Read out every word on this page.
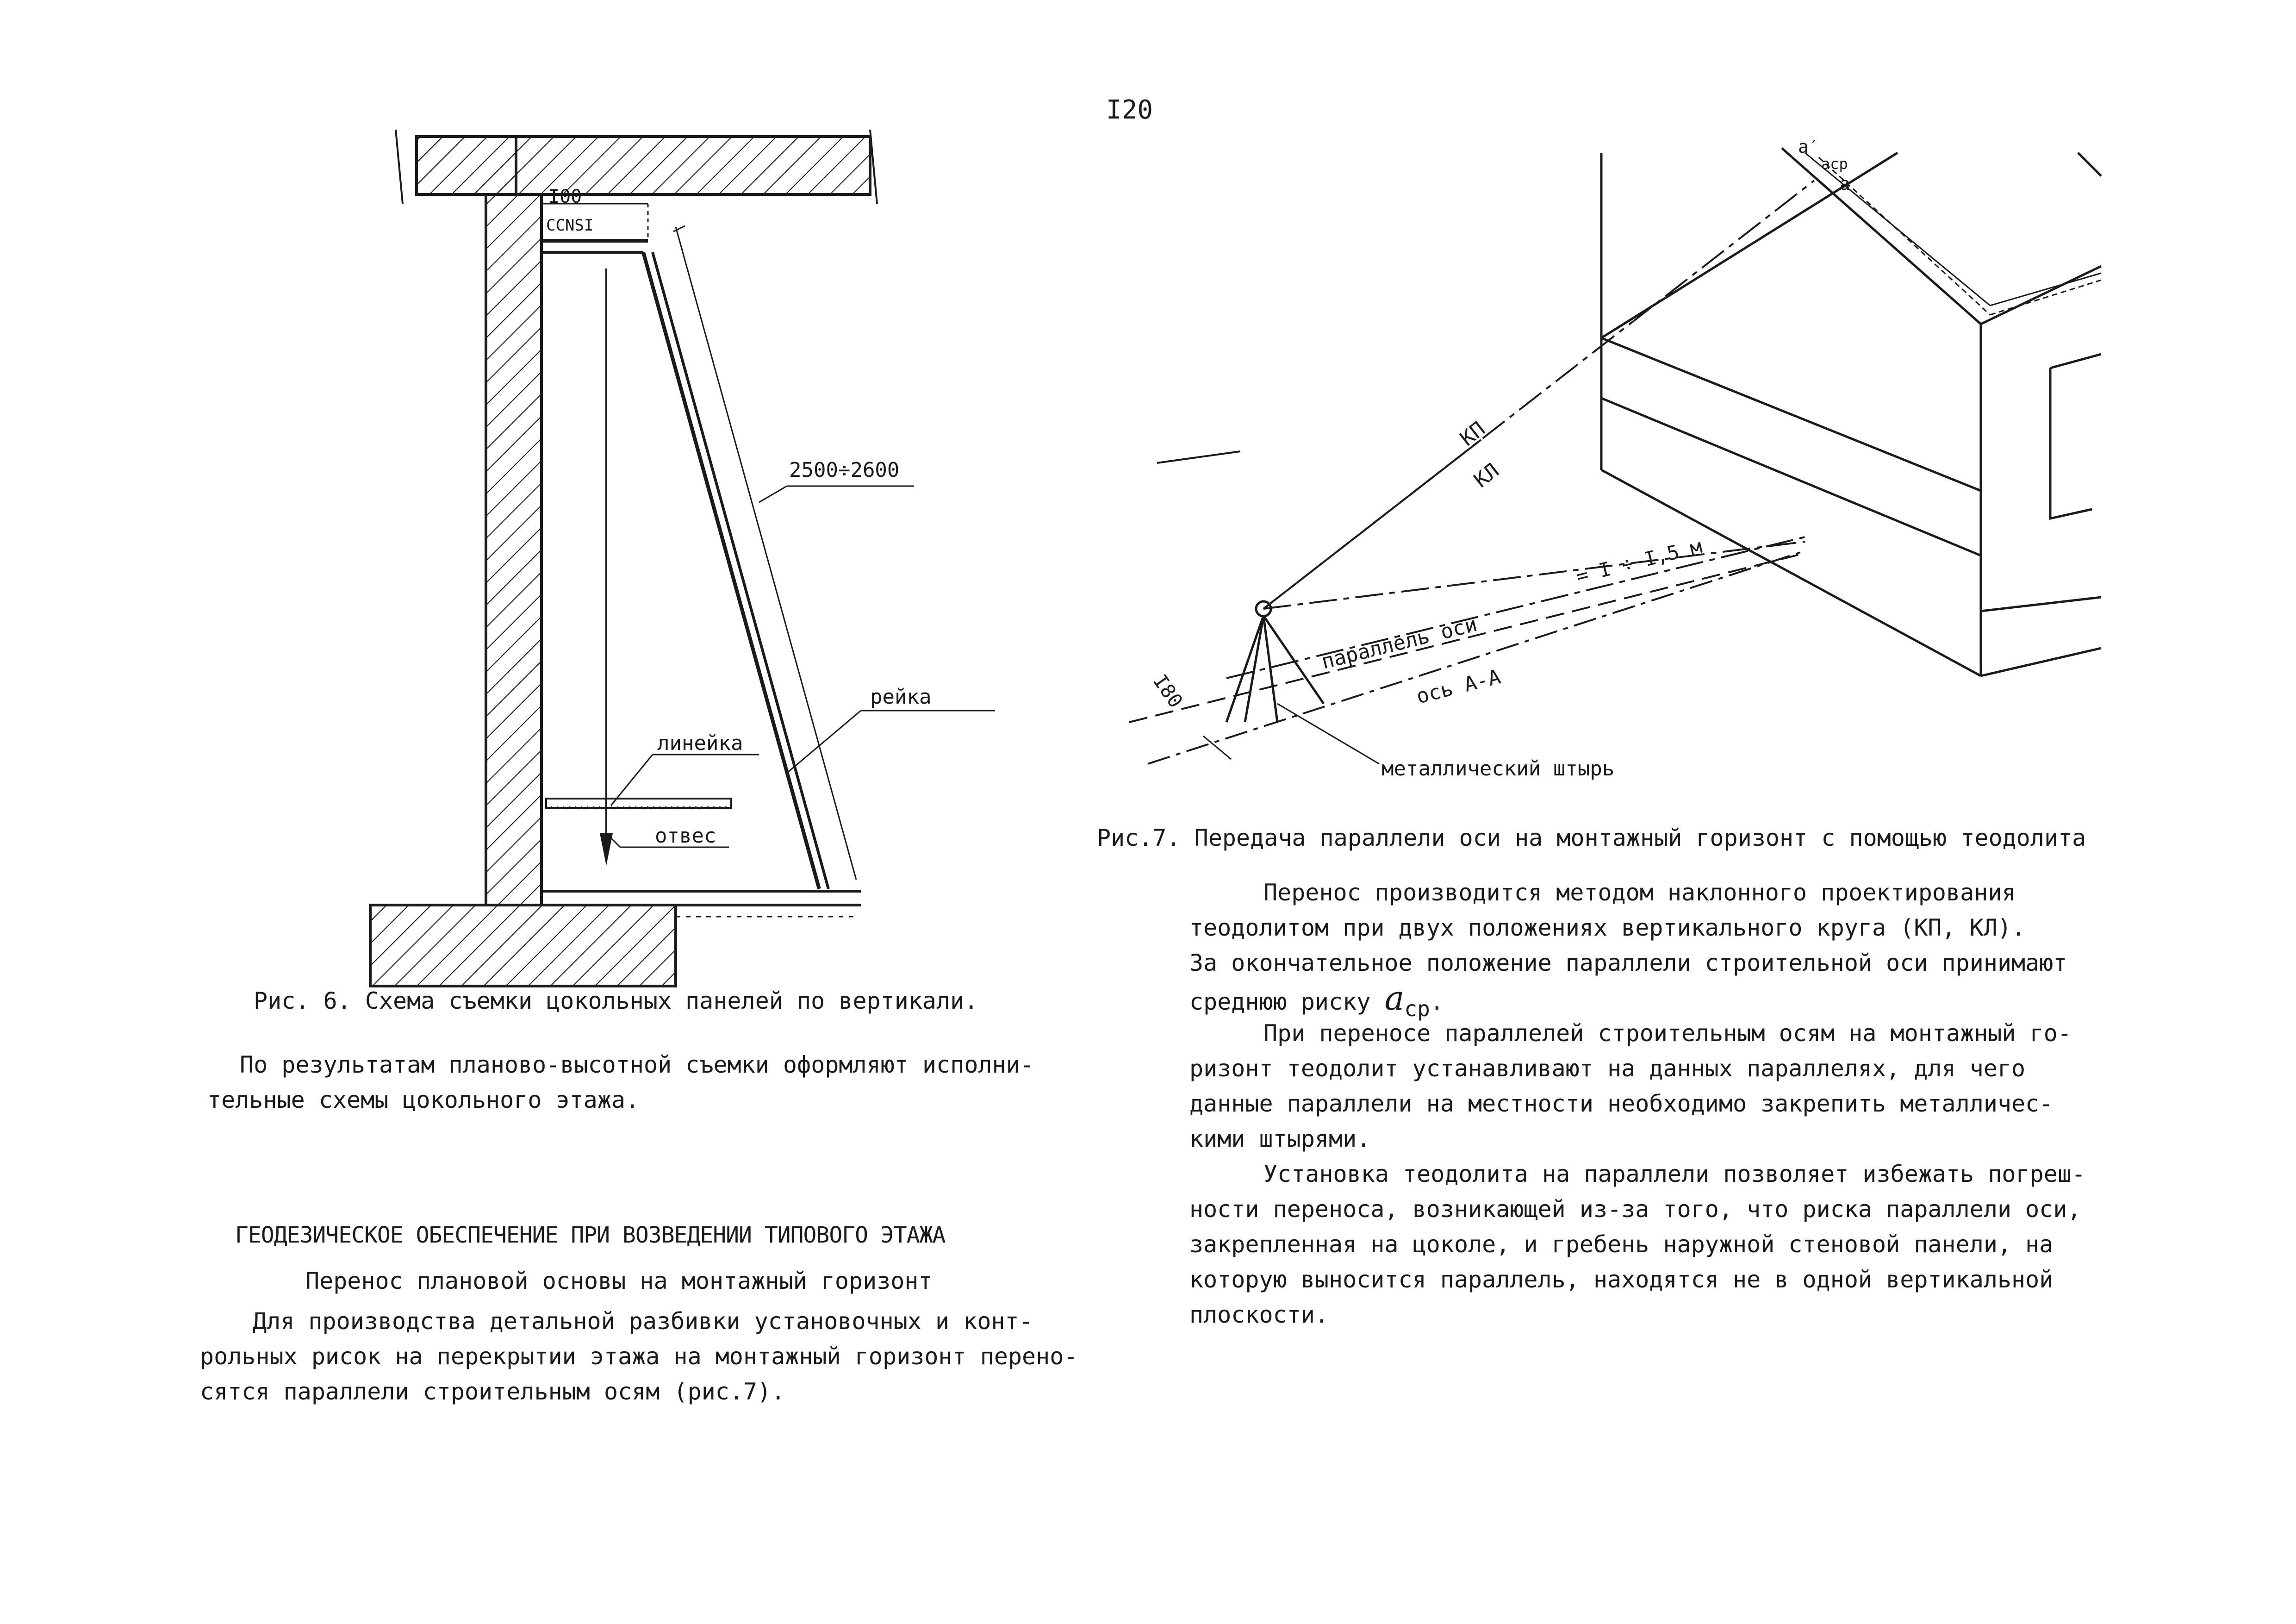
I20
I00
ССNSI
2500÷2600
линейка
отвес
рейка
Рис. 6. Схема съемки цокольных панелей по вертикали.
По результатам планово-высотной съемки оформляют исполни-
тельные схемы цокольного этажа.
ГЕОДЕЗИЧЕСКОЕ ОБЕСПЕЧЕНИЕ ПРИ ВОЗВЕДЕНИИ ТИПОВОГО ЭТАЖА
Перенос плановой основы на монтажный горизонт
Для производства детальной разбивки установочных и конт-
рольных рисок на перекрытии этажа на монтажный горизонт перено-
сятся параллели строительным осям (рис.7).
a′
aср
a
КП
КЛ
= I ÷ I,5 м
параллель оси
ось А-А
I80
металлический штырь
Рис.7. Передача параллели оси на монтажный горизонт с помощью теодолита
Перенос производится методом наклонного проектирования
теодолитом при двух положениях вертикального круга (КП, КЛ).
За окончательное положение параллели строительной оси принимают
среднюю риску aср.
При переносе параллелей строительным осям на монтажный го-
ризонт теодолит устанавливают на данных параллелях, для чего
данные параллели на местности необходимо закрепить металличес-
кими штырями.
Установка теодолита на параллели позволяет избежать погреш-
ности переноса, возникающей из-за того, что риска параллели оси,
закрепленная на цоколе, и гребень наружной стеновой панели, на
которую выносится параллель, находятся не в одной вертикальной
плоскости.
